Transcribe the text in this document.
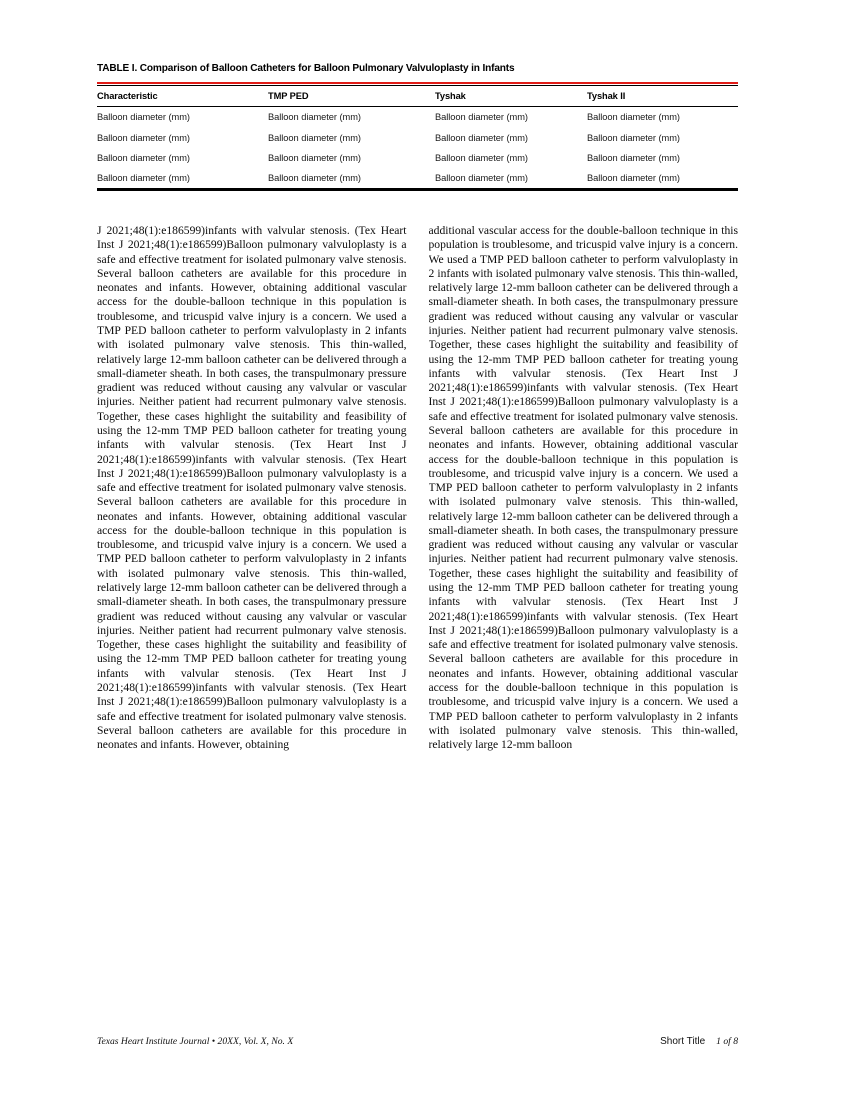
TABLE I. Comparison of Balloon Catheters for Balloon Pulmonary Valvuloplasty in Infants
Characteristic	TMP PED	Tyshak	Tyshak II
Balloon diameter (mm)	Balloon diameter (mm)	Balloon diameter (mm)	Balloon diameter (mm)
Balloon diameter (mm)	Balloon diameter (mm)	Balloon diameter (mm)	Balloon diameter (mm)
Balloon diameter (mm)	Balloon diameter (mm)	Balloon diameter (mm)	Balloon diameter (mm)
Balloon diameter (mm)	Balloon diameter (mm)	Balloon diameter (mm)	Balloon diameter (mm)

J 2021;48(1):e186599)infants with valvular stenosis. (Tex Heart Inst J 2021;48(1):e186599)Balloon pulmonary valvuloplasty is a safe and effective treatment for isolated pulmonary valve stenosis. Several balloon catheters are available for this procedure in neonates and infants. However, obtaining additional vascular access for the double-balloon technique in this population is troublesome, and tricuspid valve injury is a concern. We used a TMP PED balloon catheter to perform valvuloplasty in 2 infants with isolated pulmonary valve stenosis. This thin-walled, relatively large 12-mm balloon catheter can be delivered through a small-diameter sheath. In both cases, the transpulmonary pressure gradient was reduced without causing any valvular or vascular injuries. Neither patient had recurrent pulmonary valve stenosis. Together, these cases highlight the suitability and feasibility of using the 12-mm TMP PED balloon catheter for treating young infants with valvular stenosis. (Tex Heart Inst J 2021;48(1):e186599)infants with valvular stenosis. (Tex Heart Inst J 2021;48(1):e186599)Balloon pulmonary valvuloplasty is a safe and effective treatment for isolated pulmonary valve stenosis. Several balloon catheters are available for this procedure in neonates and infants. However, obtaining additional vascular access for the double-balloon technique in this population is troublesome, and tricuspid valve injury is a concern. We used a TMP PED balloon catheter to perform valvuloplasty in 2 infants with isolated pulmonary valve stenosis. This thin-walled, relatively large 12-mm balloon catheter can be delivered through a small-diameter sheath. In both cases, the transpulmonary pressure gradient was reduced without causing any valvular or vascular injuries. Neither patient had recurrent pulmonary valve stenosis. Together, these cases highlight the suitability and feasibility of using the 12-mm TMP PED balloon catheter for treating young infants with valvular stenosis. (Tex Heart Inst J 2021;48(1):e186599)infants with valvular stenosis. (Tex Heart Inst J 2021;48(1):e186599)Balloon pulmonary valvuloplasty is a safe and effective treatment for isolated pulmonary valve stenosis. Several balloon catheters are available for this procedure in neonates and infants. However, obtaining

additional vascular access for the double-balloon technique in this population is troublesome, and tricuspid valve injury is a concern. We used a TMP PED balloon catheter to perform valvuloplasty in 2 infants with isolated pulmonary valve stenosis. This thin-walled, relatively large 12-mm balloon catheter can be delivered through a small-diameter sheath. In both cases, the transpulmonary pressure gradient was reduced without causing any valvular or vascular injuries. Neither patient had recurrent pulmonary valve stenosis. Together, these cases highlight the suitability and feasibility of using the 12-mm TMP PED balloon catheter for treating young infants with valvular stenosis. (Tex Heart Inst J 2021;48(1):e186599)infants with valvular stenosis. (Tex Heart Inst J 2021;48(1):e186599)Balloon pulmonary valvuloplasty is a safe and effective treatment for isolated pulmonary valve stenosis. Several balloon catheters are available for this procedure in neonates and infants. However, obtaining additional vascular access for the double-balloon technique in this population is troublesome, and tricuspid valve injury is a concern. We used a TMP PED balloon catheter to perform valvuloplasty in 2 infants with isolated pulmonary valve stenosis. This thin-walled, relatively large 12-mm balloon catheter can be delivered through a small-diameter sheath. In both cases, the transpulmonary pressure gradient was reduced without causing any valvular or vascular injuries. Neither patient had recurrent pulmonary valve stenosis. Together, these cases highlight the suitability and feasibility of using the 12-mm TMP PED balloon catheter for treating young infants with valvular stenosis. (Tex Heart Inst J 2021;48(1):e186599)infants with valvular stenosis. (Tex Heart Inst J 2021;48(1):e186599)Balloon pulmonary valvuloplasty is a safe and effective treatment for isolated pulmonary valve stenosis. Several balloon catheters are available for this procedure in neonates and infants. However, obtaining additional vascular access for the double-balloon technique in this population is troublesome, and tricuspid valve injury is a concern. We used a TMP PED balloon catheter to perform valvuloplasty in 2 infants with isolated pulmonary valve stenosis. This thin-walled, relatively large 12-mm balloon

Texas Heart Institute Journal • 20XX, Vol. X, No. X	Short Title 1 of 8
